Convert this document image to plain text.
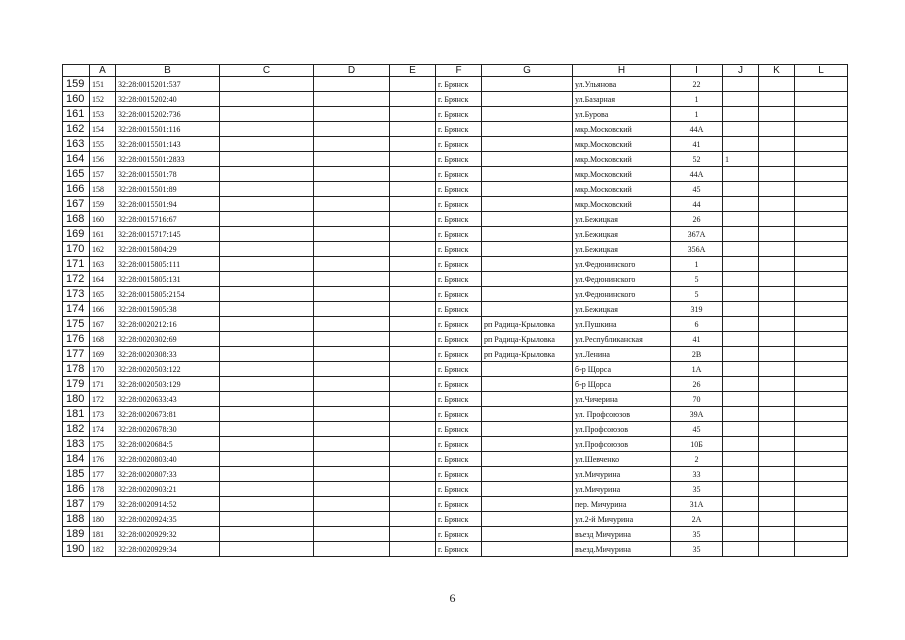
	A	B	C	D	E	F	G	H	I	J	K	L
159	151	32:28:0015201:537				г. Брянск		ул.Ульянова	22			
160	152	32:28:0015202:40				г. Брянск		ул.Базарная	1			
161	153	32:28:0015202:736				г. Брянск		ул.Бурова	1			
162	154	32:28:0015501:116				г. Брянск		мкр.Московский	44А			
163	155	32:28:0015501:143				г. Брянск		мкр.Московский	41			
164	156	32:28:0015501:2833				г. Брянск		мкр.Московский	52	1		
165	157	32:28:0015501:78				г. Брянск		мкр.Московский	44А			
166	158	32:28:0015501:89				г. Брянск		мкр.Московский	45			
167	159	32:28:0015501:94				г. Брянск		мкр.Московский	44			
168	160	32:28:0015716:67				г. Брянск		ул.Бежицкая	26			
169	161	32:28:0015717:145				г. Брянск		ул.Бежицкая	367А			
170	162	32:28:0015804:29				г. Брянск		ул.Бежицкая	356А			
171	163	32:28:0015805:111				г. Брянск		ул.Федюнинского	1			
172	164	32:28:0015805:131				г. Брянск		ул.Федюнинского	5			
173	165	32:28:0015805:2154				г. Брянск		ул.Федюнинского	5			
174	166	32:28:0015905:38				г. Брянск		ул.Бежицкая	319			
175	167	32:28:0020212:16				г. Брянск	рп Радица-Крыловка	ул.Пушкина	6			
176	168	32:28:0020302:69				г. Брянск	рп Радица-Крыловка	ул.Республиканская	41			
177	169	32:28:0020308:33				г. Брянск	рп Радица-Крыловка	ул.Ленина	2В			
178	170	32:28:0020503:122				г. Брянск		б-р Щорса	1А			
179	171	32:28:0020503:129				г. Брянск		б-р Щорса	26			
180	172	32:28:0020633:43				г. Брянск		ул.Чичерина	70			
181	173	32:28:0020673:81				г. Брянск		ул. Профсоюзов	39А			
182	174	32:28:0020678:30				г. Брянск		ул.Профсоюзов	45			
183	175	32:28:0020684:5				г. Брянск		ул.Профсоюзов	10Б			
184	176	32:28:0020803:40				г. Брянск		ул.Шевченко	2			
185	177	32:28:0020807:33				г. Брянск		ул.Мичурина	33			
186	178	32:28:0020903:21				г. Брянск		ул.Мичурина	35			
187	179	32:28:0020914:52				г. Брянск		пер. Мичурина	31А			
188	180	32:28:0020924:35				г. Брянск		ул.2-й Мичурина	2А			
189	181	32:28:0020929:32				г. Брянск		въезд Мичурина	35			
190	182	32:28:0020929:34				г. Брянск		въезд.Мичурина	35			
6
